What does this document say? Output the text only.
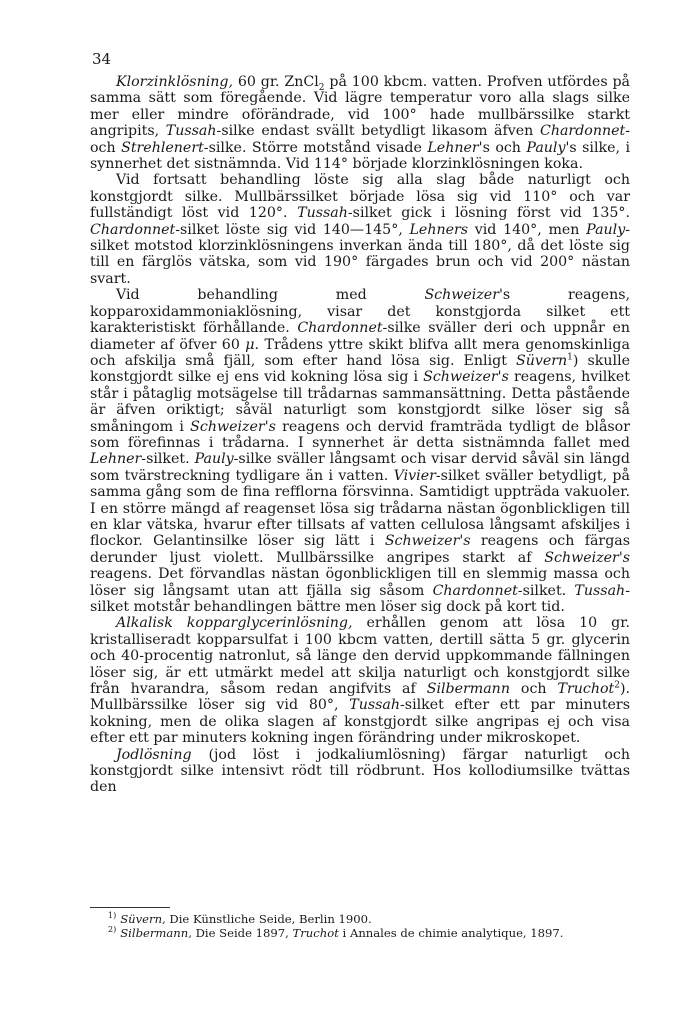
34

Klorzinklösning, 60 gr. ZnCl$_2$ på 100 kbcm. vatten. Profven utfördes på samma sätt som föregående. Vid lägre temperatur voro alla slags silke mer eller mindre oförändrade, vid 100° hade mullbärssilke starkt angripits, Tussah-silke endast svällt betydligt likasom äfven Chardonnet- och Strehlenert-silke. Större motstånd visade Lehner's och Pauly's silke, i synnerhet det sistnämnda. Vid 114° började klorzinklösningen koka.

Vid fortsatt behandling löste sig alla slag både naturligt och konstgjordt silke. Mullbärssilket började lösa sig vid 110° och var fullständigt löst vid 120°. Tussah-silket gick i lösning först vid 135°. Chardonnet-silket löste sig vid 140—145°, Lehners vid 140°, men Pauly-silket motstod klorzinklösningens inverkan ända till 180°, då det löste sig till en färglös vätska, som vid 190° färgades brun och vid 200° nästan svart.

Vid behandling med Schweizer's reagens, kopparoxidammoniaklösning, visar det konstgjorda silket ett karakteristiskt förhållande. Chardonnet-silke sväller deri och uppnår en diameter af öfver 60 μ. Trådens yttre skikt blifva allt mera genomskinliga och afskilja små fjäll, som efter hand lösa sig. Enligt Süvern$^1$) skulle konstgjordt silke ej ens vid kokning lösa sig i Schweizer's reagens, hvilket står i påtaglig motsägelse till trådarnas sammansättning. Detta påstående är äfven oriktigt; såväl naturligt som konstgjordt silke löser sig så småningom i Schweizer's reagens och dervid framträda tydligt de blåsor som förefinnas i trådarna. I synnerhet är detta sistnämnda fallet med Lehner-silket. Pauly-silke sväller långsamt och visar dervid såväl sin längd som tvärstreckning tydligare än i vatten. Vivier-silket sväller betydligt, på samma gång som de fina refflorna försvinna. Samtidigt uppträda vakuoler. I en större mängd af reagenset lösa sig trådarna nästan ögonblickligen till en klar vätska, hvarur efter tillsats af vatten cellulosa långsamt afskiljes i flockor. Gelantinsilke löser sig lätt i Schweizer's reagens och färgas derunder ljust violett. Mullbärssilke angripes starkt af Schweizer's reagens. Det förvandlas nästan ögonblickligen till en slemmig massa och löser sig långsamt utan att fjälla sig såsom Chardonnet-silket. Tussah-silket motstår behandlingen bättre men löser sig dock på kort tid.

Alkalisk kopparglycerinlösning, erhållen genom att lösa 10 gr. kristalliseradt kopparsulfat i 100 kbcm vatten, dertill sätta 5 gr. glycerin och 40-procentig natronlut, så länge den dervid uppkommande fällningen löser sig, är ett utmärkt medel att skilja naturligt och konstgjordt silke från hvarandra, såsom redan angifvits af Silbermann och Truchot$^2$). Mullbärssilke löser sig vid 80°, Tussah-silket efter ett par minuters kokning, men de olika slagen af konstgjordt silke angripas ej och visa efter ett par minuters kokning ingen förändring under mikroskopet.

Jodlösning (jod löst i jodkaliumlösning) färgar naturligt och konstgjordt silke intensivt rödt till rödbrunt. Hos kollodiumsilke tvättas den

$^{1)}$ Süvern, Die Künstliche Seide, Berlin 1900.

$^{2)}$ Silbermann, Die Seide 1897, Truchot i Annales de chimie analytique, 1897.
